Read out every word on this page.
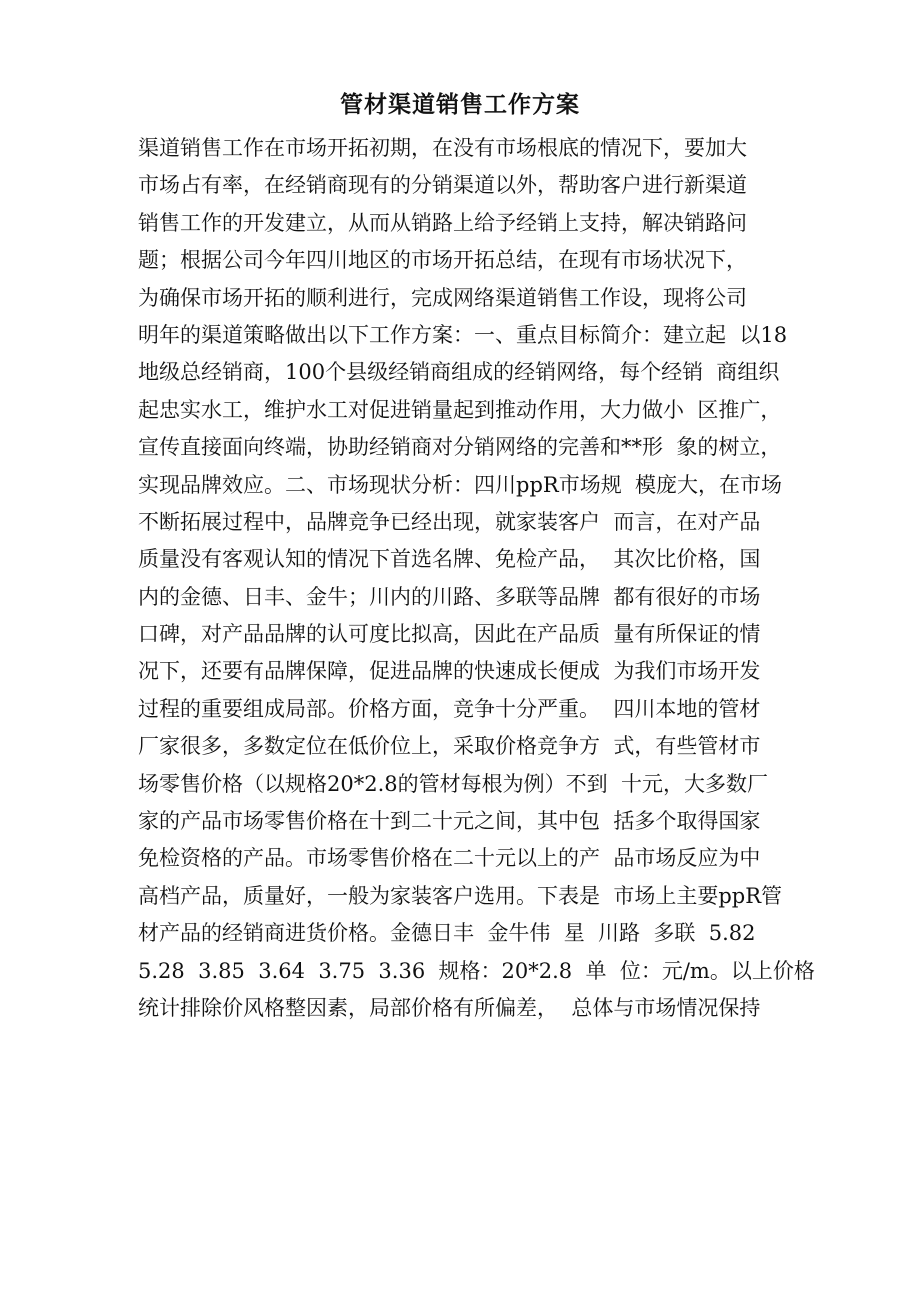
管材渠道销售工作方案
渠道销售工作在市场开拓初期，在没有市场根底的情况下，要加大
市场占有率，在经销商现有的分销渠道以外，帮助客户进行新渠道
销售工作的开发建立，从而从销路上给予经销上支持，解决销路问
题；根据公司今年四川地区的市场开拓总结，在现有市场状况下，
为确保市场开拓的顺利进行，完成网络渠道销售工作设，现将公司
明年的渠道策略做出以下工作方案：一、重点目标简介：建立起  以18
地级总经销商，100个县级经销商组成的经销网络，每个经销  商组织
起忠实水工，维护水工对促进销量起到推动作用，大力做小  区推广，
宣传直接面向终端，协助经销商对分销网络的完善和**形  象的树立，
实现品牌效应。二、市场现状分析：四川ppR市场规  模庞大，在市场
不断拓展过程中，品牌竞争已经出现，就家装客户  而言，在对产品
质量没有客观认知的情况下首选名牌、免检产品，  其次比价格，国
内的金德、日丰、金牛；川内的川路、多联等品牌  都有很好的市场
口碑，对产品品牌的认可度比拟高，因此在产品质  量有所保证的情
况下，还要有品牌保障，促进品牌的快速成长便成  为我们市场开发
过程的重要组成局部。价格方面，竞争十分严重。  四川本地的管材
厂家很多，多数定位在低价位上，采取价格竞争方  式，有些管材市
场零售价格（以规格20*2.8的管材每根为例）不到  十元，大多数厂
家的产品市场零售价格在十到二十元之间，其中包  括多个取得国家
免检资格的产品。市场零售价格在二十元以上的产  品市场反应为中
高档产品，质量好，一般为家装客户选用。下表是  市场上主要ppR管
材产品的经销商进货价格。金德日丰  金牛伟  星  川路  多联  5.82
5.28  3.85  3.64  3.75  3.36  规格：20*2.8  单  位：元/m。以上价格
统计排除价风格整因素，局部价格有所偏差，  总体与市场情况保持
